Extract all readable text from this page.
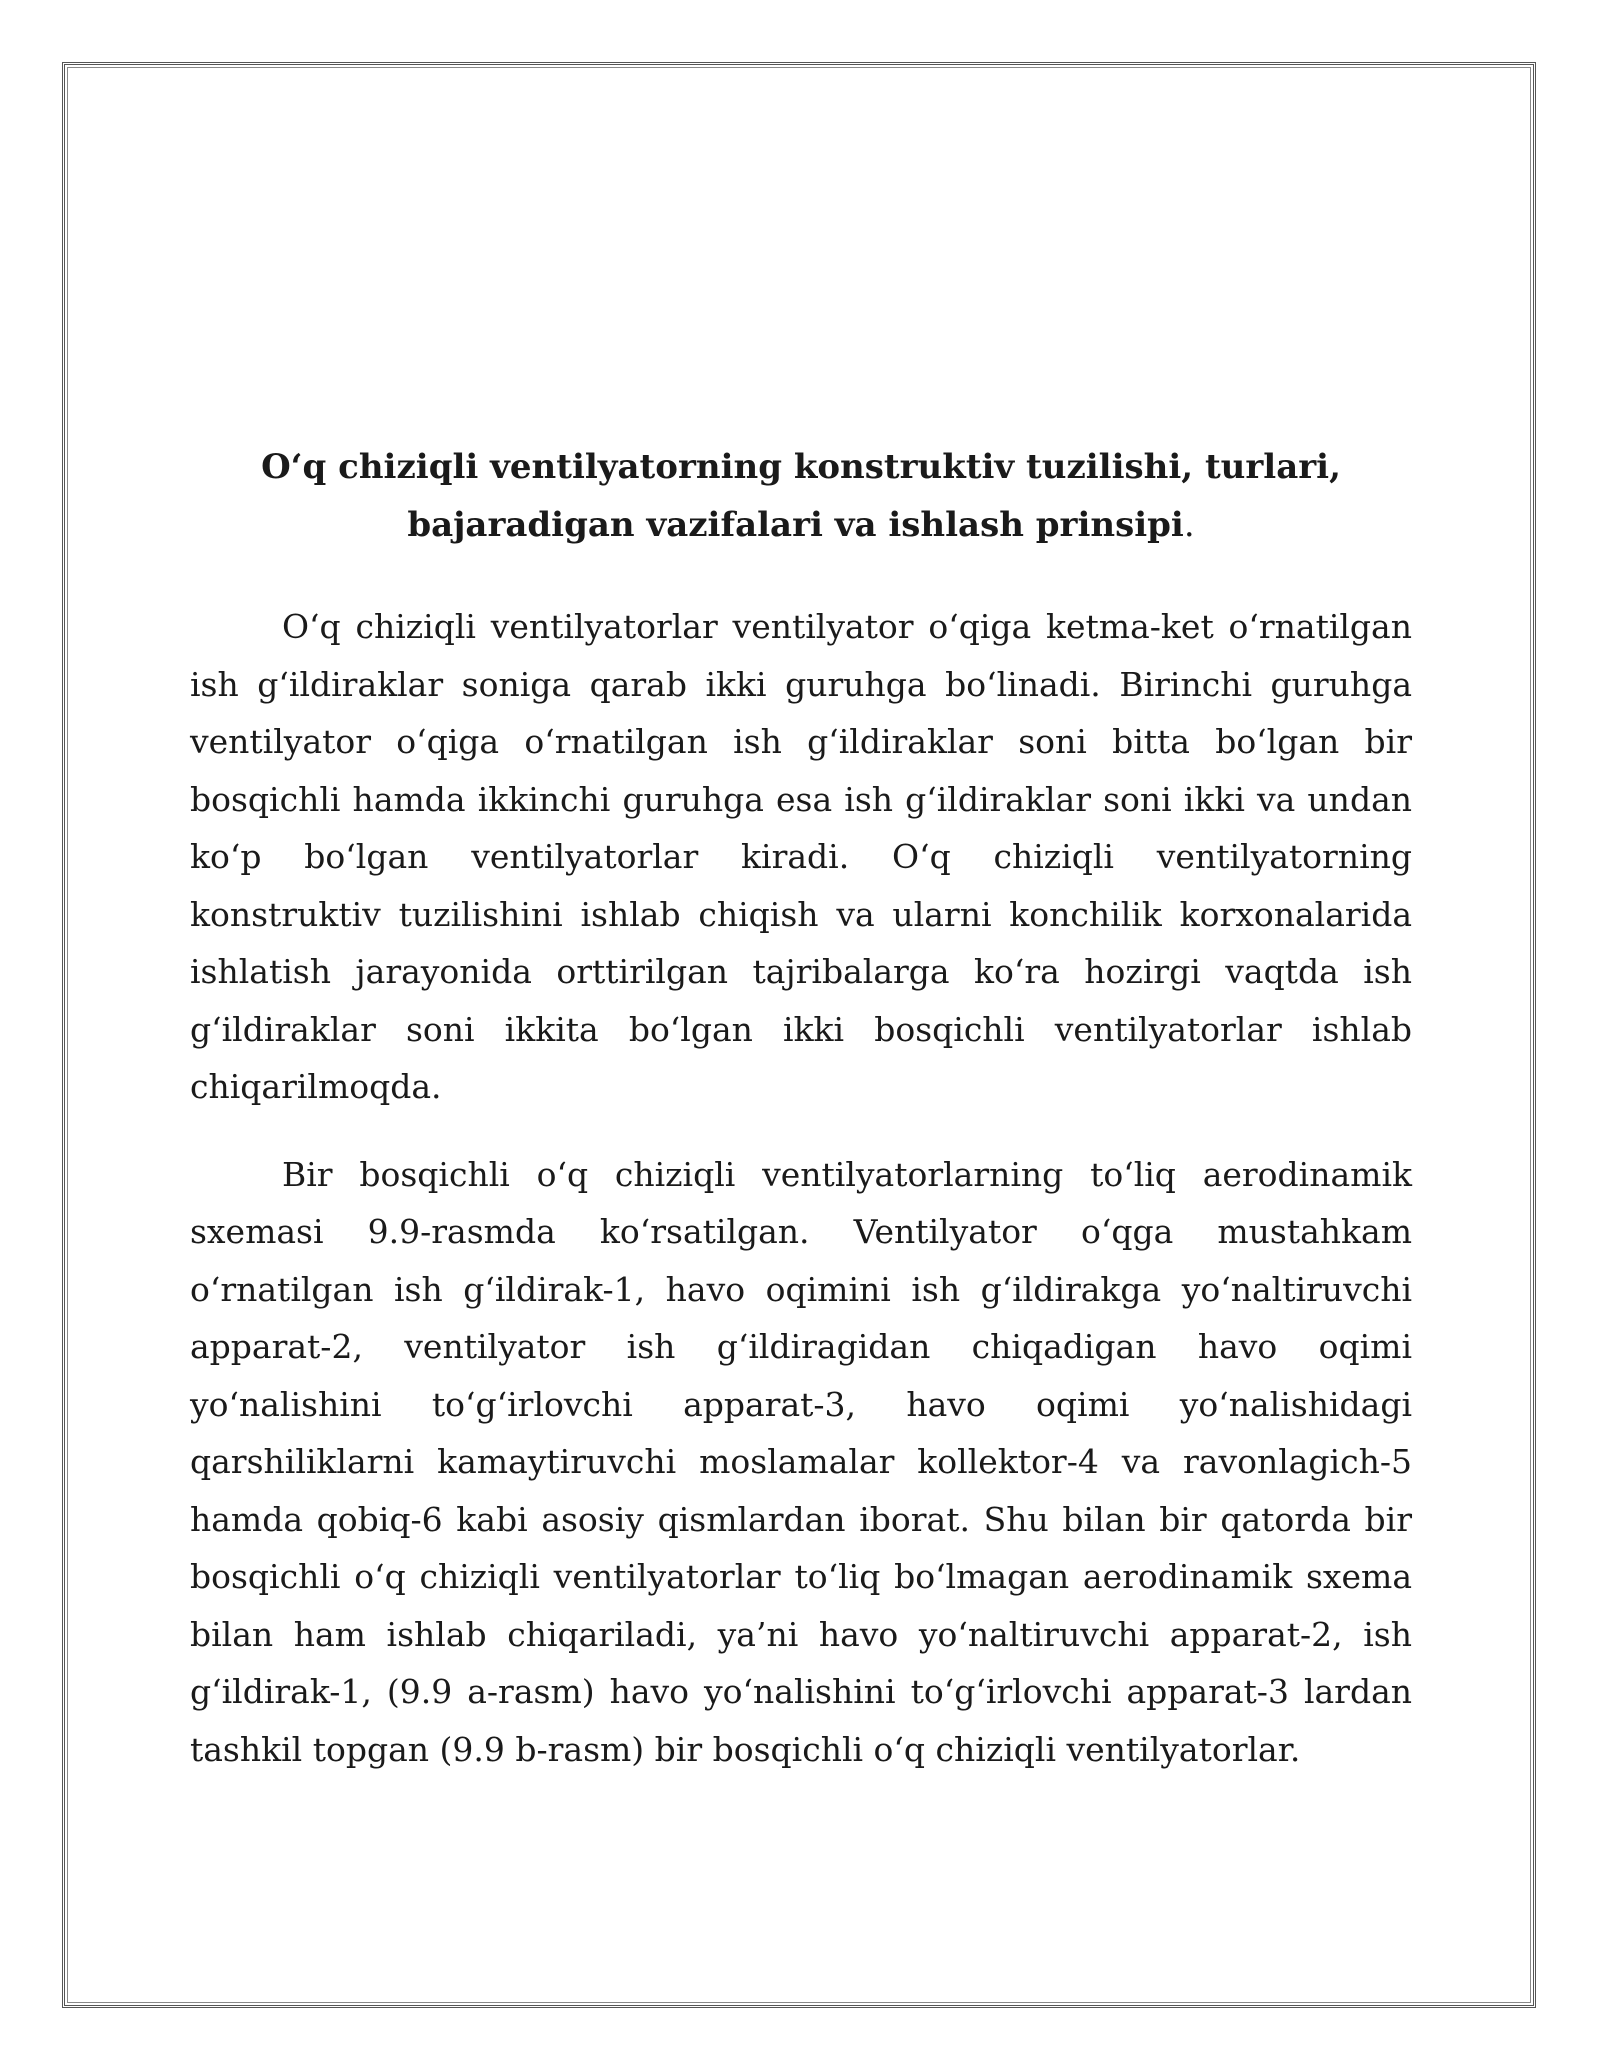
O‘q chiziqli ventilyatorning konstruktiv tuzilishi, turlari,
bajaradigan vazifalari va ishlash prinsipi.

O‘q chiziqli ventilyatorlar ventilyator o‘qiga ketma-ket o‘rnatilgan ish g‘ildiraklar soniga qarab ikki guruhga bo‘linadi. Birinchi guruhga ventilyator o‘qiga o‘rnatilgan ish g‘ildiraklar soni bitta bo‘lgan bir bosqichli hamda ikkinchi guruhga esa ish g‘ildiraklar soni ikki va undan ko‘p bo‘lgan ventilyatorlar kiradi. O‘q chiziqli ventilyatorning konstruktiv tuzilishini ishlab chiqish va ularni konchilik korxonalarida ishlatish jarayonida orttirilgan tajribalarga ko‘ra hozirgi vaqtda ish g‘ildiraklar soni ikkita bo‘lgan ikki bosqichli ventilyatorlar ishlab chiqarilmoqda.

Bir bosqichli o‘q chiziqli ventilyatorlarning to‘liq aerodinamik sxemasi 9.9-rasmda ko‘rsatilgan. Ventilyator o‘qga mustahkam o‘rnatilgan ish g‘ildirak-1, havo oqimini ish g‘ildirakga yo‘naltiruvchi apparat-2, ventilyator ish g‘ildiragidan chiqadigan havo oqimi yo‘nalishini to‘g‘irlovchi apparat-3, havo oqimi yo‘nalishidagi qarshiliklarni kamaytiruvchi moslamalar kollektor-4 va ravonlagich-5 hamda qobiq-6 kabi asosiy qismlardan iborat. Shu bilan bir qatorda bir bosqichli o‘q chiziqli ventilyatorlar to‘liq bo‘lmagan aerodinamik sxema bilan ham ishlab chiqariladi, ya’ni havo yo‘naltiruvchi apparat-2, ish g‘ildirak-1, (9.9 a-rasm) havo yo‘nalishini to‘g‘irlovchi apparat-3 lardan tashkil topgan (9.9 b-rasm) bir bosqichli o‘q chiziqli ventilyatorlar.
